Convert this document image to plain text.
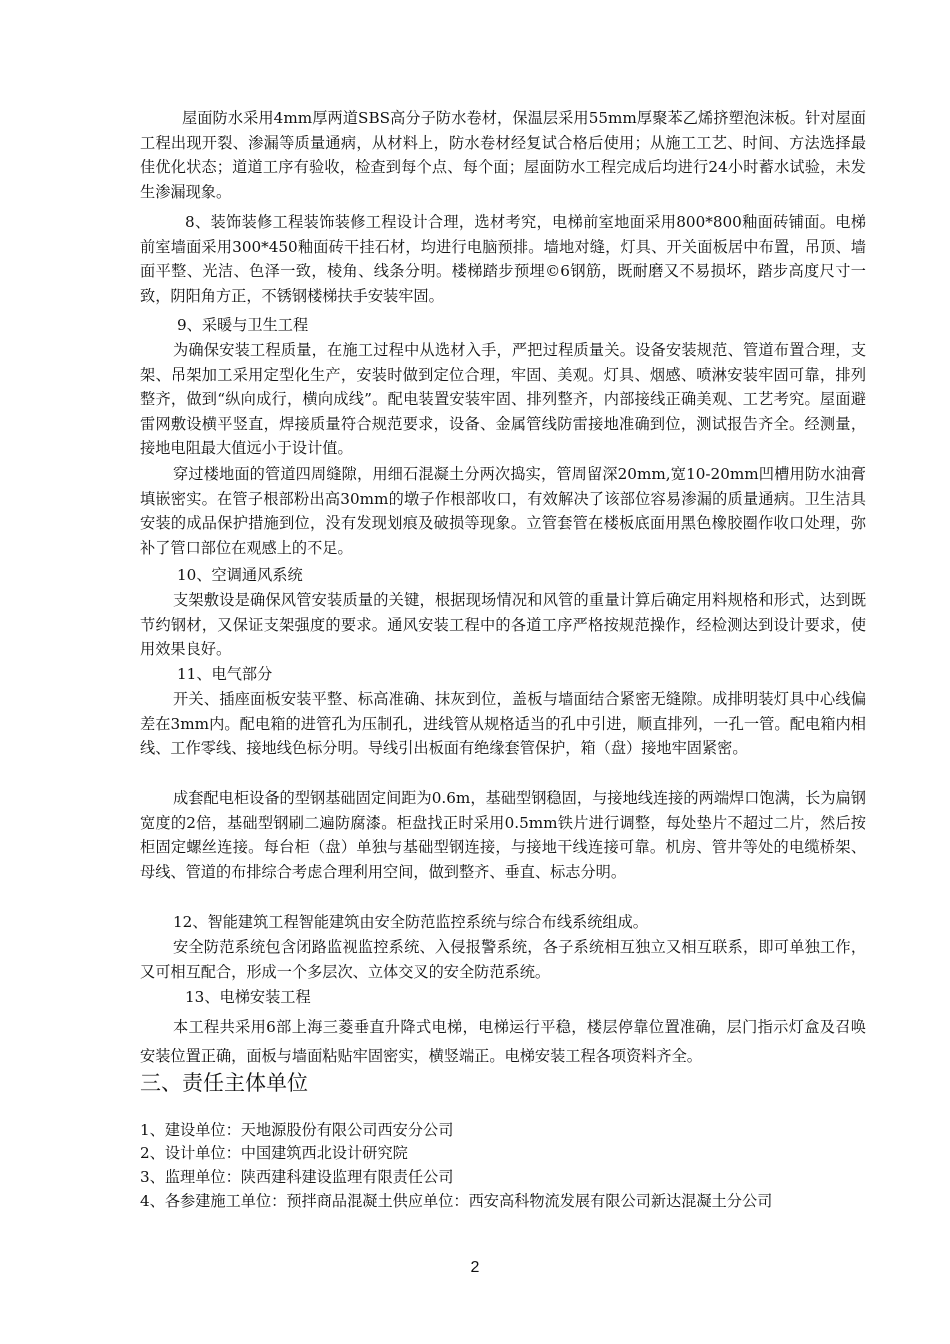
屋面防水采用4mm厚两道SBS高分子防水卷材，保温层采用55mm厚聚苯乙烯挤塑泡沫板。针对屋面工程出现开裂、渗漏等质量通病，从材料上，防水卷材经复试合格后使用；从施工工艺、时间、方法选择最佳优化状态；道道工序有验收，检查到每个点、每个面；屋面防水工程完成后均进行24小时蓄水试验，未发生渗漏现象。

8、装饰装修工程装饰装修工程设计合理，选材考究，电梯前室地面采用800*800釉面砖铺面。电梯前室墙面采用300*450釉面砖干挂石材，均进行电脑预排。墙地对缝，灯具、开关面板居中布置，吊顶、墙面平整、光洁、色泽一致，棱角、线条分明。楼梯踏步预埋©6钢筋，既耐磨又不易损坏，踏步高度尺寸一致，阴阳角方正，不锈钢楼梯扶手安装牢固。

9、采暖与卫生工程

为确保安装工程质量，在施工过程中从选材入手，严把过程质量关。设备安装规范、管道布置合理，支架、吊架加工采用定型化生产，安装时做到定位合理，牢固、美观。灯具、烟感、喷淋安装牢固可靠，排列整齐，做到“纵向成行，横向成线”。配电装置安装牢固、排列整齐，内部接线正确美观、工艺考究。屋面避雷网敷设横平竖直，焊接质量符合规范要求，设备、金属管线防雷接地准确到位，测试报告齐全。经测量，接地电阻最大值远小于设计值。

穿过楼地面的管道四周缝隙，用细石混凝土分两次捣实，管周留深20mm,宽10-20mm凹槽用防水油膏填嵌密实。在管子根部粉出高30mm的墩子作根部收口，有效解决了该部位容易渗漏的质量通病。卫生洁具安装的成品保护措施到位，没有发现划痕及破损等现象。立管套管在楼板底面用黑色橡胶圈作收口处理，弥补了管口部位在观感上的不足。

10、空调通风系统

支架敷设是确保风管安装质量的关键，根据现场情况和风管的重量计算后确定用料规格和形式，达到既节约钢材，又保证支架强度的要求。通风安装工程中的各道工序严格按规范操作，经检测达到设计要求，使用效果良好。

11、电气部分

开关、插座面板安装平整、标高准确、抹灰到位，盖板与墙面结合紧密无缝隙。成排明装灯具中心线偏差在3mm内。配电箱的进管孔为压制孔，进线管从规格适当的孔中引进，顺直排列，一孔一管。配电箱内相线、工作零线、接地线色标分明。导线引出板面有绝缘套管保护，箱（盘）接地牢固紧密。

成套配电柜设备的型钢基础固定间距为0.6m，基础型钢稳固，与接地线连接的两端焊口饱满，长为扁钢宽度的2倍，基础型钢刷二遍防腐漆。柜盘找正时采用0.5mm铁片进行调整，每处垫片不超过二片，然后按柜固定螺丝连接。每台柜（盘）单独与基础型钢连接，与接地干线连接可靠。机房、管井等处的电缆桥架、母线、管道的布排综合考虑合理利用空间，做到整齐、垂直、标志分明。

12、智能建筑工程智能建筑由安全防范监控系统与综合布线系统组成。

安全防范系统包含闭路监视监控系统、入侵报警系统，各子系统相互独立又相互联系，即可单独工作，又可相互配合，形成一个多层次、立体交叉的安全防范系统。

13、电梯安装工程

本工程共采用6部上海三菱垂直升降式电梯，电梯运行平稳，楼层停靠位置准确，层门指示灯盒及召唤安装位置正确，面板与墙面粘贴牢固密实，横竖端正。电梯安装工程各项资料齐全。

三、责任主体单位

1、建设单位：天地源股份有限公司西安分公司

2、设计单位：中国建筑西北设计研究院

3、监理单位：陕西建科建设监理有限责任公司

4、各参建施工单位：预拌商品混凝土供应单位：西安高科物流发展有限公司新达混凝土分公司

2
